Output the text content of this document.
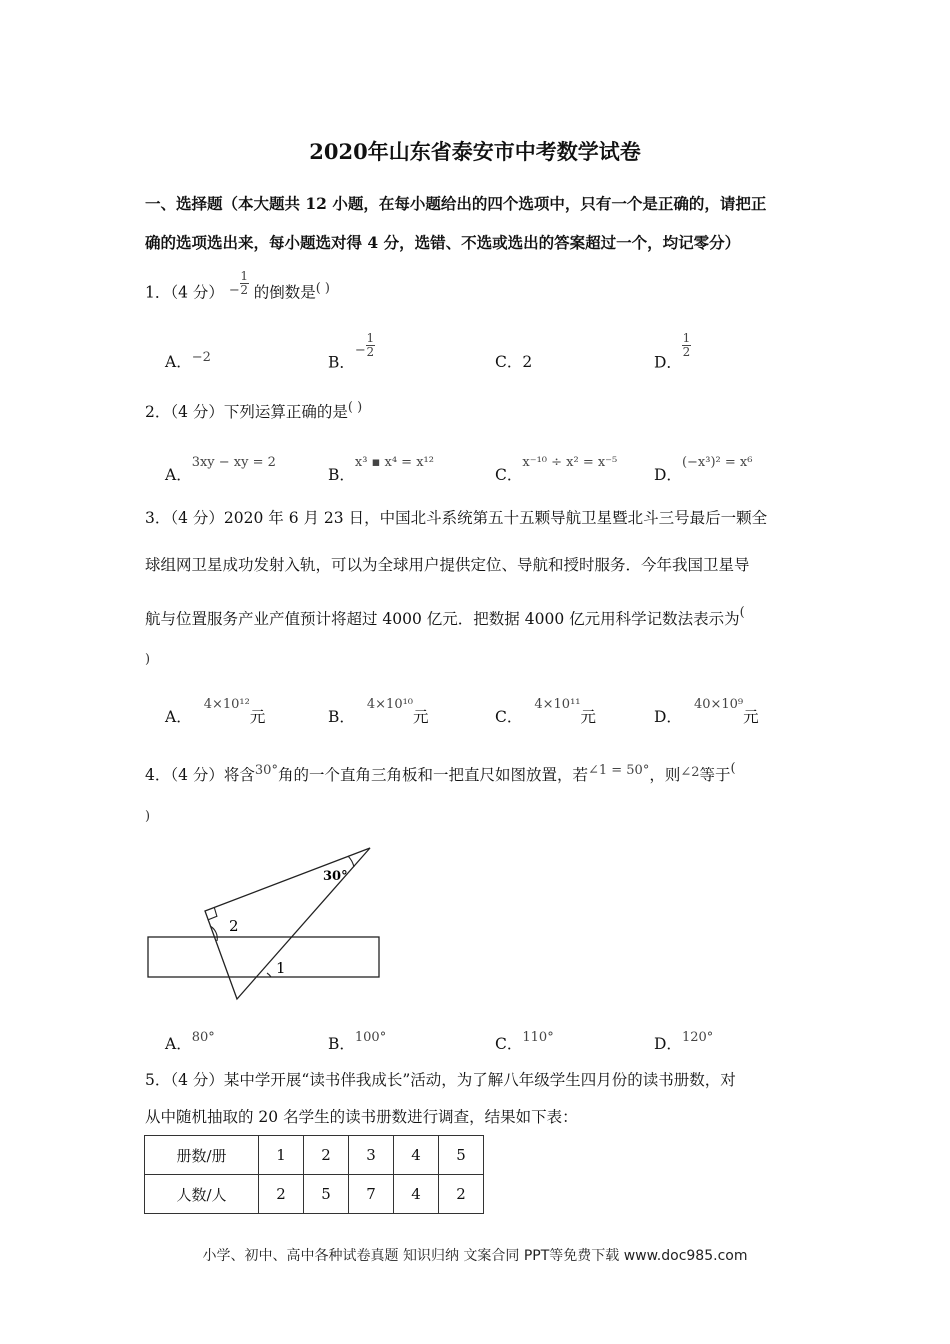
2020年山东省泰安市中考数学试卷
一、选择题（本大题共 12 小题，在每小题给出的四个选项中，只有一个是正确的，请把正
确的选项选出来，每小题选对得 4 分，选错、不选或选出的答案超过一个，均记零分）
1．（4 分） $^- \frac{1}{2}$ 的倒数是( )
A．$^{-2}$	B．$^- \frac{1}{2}$
C．2	D．
$\frac{1}{2}$
2．（4 分）下列运算正确的是( )
A．$^{3xy - xy = 2}$
B．$^{x^3 ▪ x^4 = x^{12}}$
C．$^{x^{-10} \div x^2 = x^{-5}}$
D．$^{(-x^3)^2 = x^6}$
3．（4 分）2020 年 6 月 23 日，中国北斗系统第五十五颗导航卫星暨北斗三号最后一颗全
球组网卫星成功发射入轨，可以为全球用户提供定位、导航和授时服务．今年我国卫星导
航与位置服务产业产值预计将超过 4000 亿元．把数据 4000 亿元用科学记数法表示为(
)
A．$^{4\times 10^{12}}$元	B．$^{4\times 10^{10}}$元	C．$^{4\times 10^{11}}$元	D．$^{40\times 10^9}$元
4．（4 分）将含$^{30^\circ}$角的一个直角三角板和一把直尺如图放置，若$^{\angle 1 = 50^\circ}$，则$^{\angle 2}$等于(
)
30°
2
1
A．$^{80^\circ}$	B．$^{100^\circ}$	C．$^{110^\circ}$	D．$^{120^\circ}$
5．（4 分）某中学开展“读书伴我成长”活动，为了解八年级学生四月份的读书册数，对
从中随机抽取的 20 名学生的读书册数进行调查，结果如下表：
册数/册	1	2	3	4	5
人数/人	2	5	7	4	2
小学、初中、高中各种试卷真题 知识归纳 文案合同 PPT等免费下载 www.doc985.com
